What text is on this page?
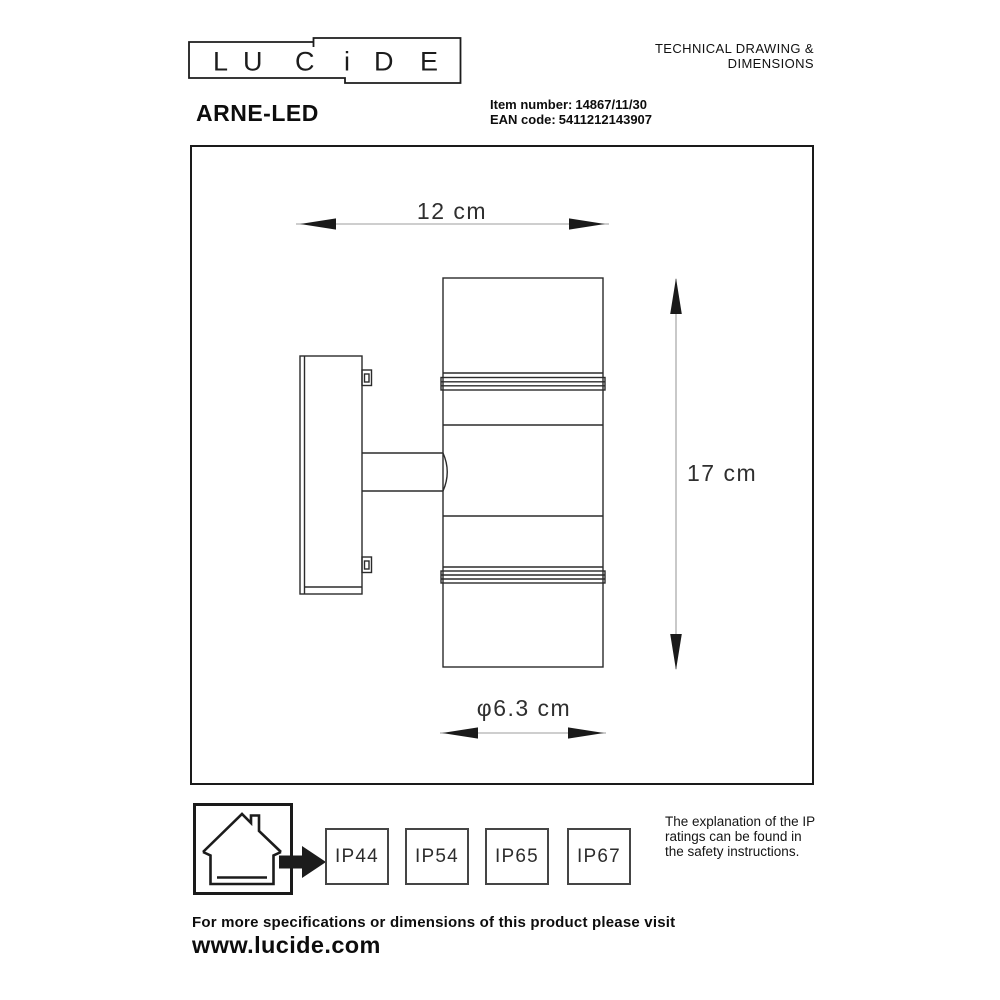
L U C i D E	TECHNICAL DRAWING & DIMENSIONS
ARNE-LED	Item number: 14867/11/30
EAN code: 5411212143907
12 cm
17 cm
φ6.3 cm
IP44 IP54 IP65 IP67
The explanation of the IP ratings can be found in the safety instructions.
For more specifications or dimensions of this product please visit
www.lucide.com
